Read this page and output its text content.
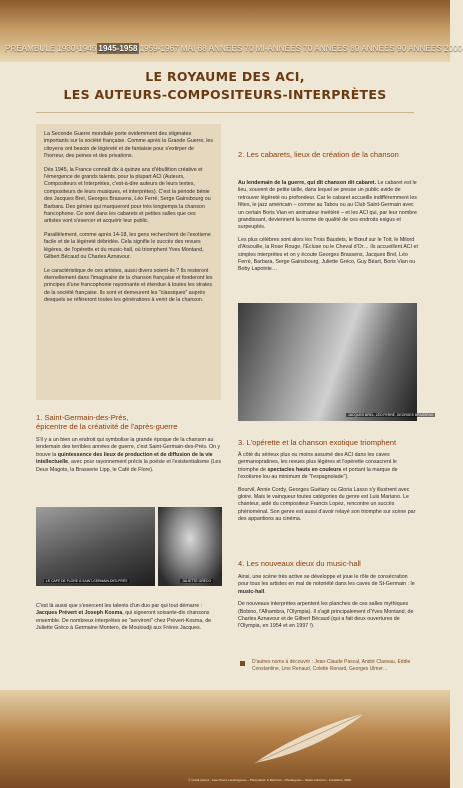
PRÉAMBULE 1930-1945 1945-1958 1959-1967 MAI 68 ANNÉES 70 MI-ANNÉES 70 ANNÉES 80 ANNÉES 90 ANNÉES 2000
LE ROYAUME DES ACI,
LES AUTEURS-COMPOSITEURS-INTERPRÈTES

La Seconde Guerre mondiale porte évidemment des stigmates importants sur la société française. Comme après la Grande Guerre, les citoyens ont besoin de légèreté et de fantaisie pour s'extirper de l'horreur, des peines et des privations.

Dès 1945, la France connaît dix à quinze ans d'ébullition créative et l'émergence de grands talents, pour la plupart ACI (Auteurs, Compositeurs et Interprètes, c'est-à-dire auteurs de leurs textes, compositeurs de leurs musiques, et interprètes). C'est la période bénie des Jacques Brel, Georges Brassens, Léo Ferré, Serge Gainsbourg ou Barbara. Des génies qui marqueront pour très longtemps la chanson francophone. Ce sont dans les cabarets et petites salles que ces artistes vont s'exercer et acquérir leur public.

Parallèlement, comme après 14-18, les gens recherchent de l'exotisme facile et de la légèreté débridée. Cela signifie le succès des revues légères, de l'opérette et du music-hall, où triomphent Yves Montand, Gilbert Bécaud ou Charles Aznavour.

Le caractéristique de ces artistes, aussi divers soient-ils ? Ils resteront éternellement dans l'imaginaire de la chanson française et fonderont les principes d'une francophonie rayonnante et étendue à toutes les strates de la société française. Ils sont et demeurent les "classiques" auprès desquels se réfèreront toutes les générations à venir de la chanson.

1. Saint-Germain-des-Prés,
épicentre de la créativité de l'après-guerre

S'il y a un bien un endroit qui symbolise la grande époque de la chanson au lendemain des terribles années de guerre, c'est Saint-Germain-des-Prés. On y trouve la quintessence des lieux de production et de diffusion de la vie intellectuelle, avec pour rayonnement précis la poésie et l'existentialisme (Les Deux Magots, la Brasserie Lipp, le Café de Flore).

LE CAFÉ DE FLORE À SAINT-GERMAIN-DES-PRÉS	JULIETTE GRÉCO

C'est là aussi que s'exercent les talents d'un duo par qui tout démarre : Jacques Prévert et Joseph Kosma, qui signeront soixante-dix chansons ensemble. De nombreux interprètes se "serviront" chez Prévert-Kosma, de Juliette Gréco à Germaine Montero, de Mouloudji aux Frères Jacques.

2. Les cabarets, lieux de création de la chanson

Au lendemain de la guerre, qui dit chanson dit cabaret. Le cabaret est le lieu, souvent de petite taille, dans lequel se presse un public avide de retrouver légèreté ou profondeur. Car le cabaret accueille indifféremment les fêtes, le jazz américain – comme au Tabou ou au Club Saint-Germain avec un certain Boris Vian en animateur invétéré – et les ACI qui, par leur nombre grandissant, deviennent la norme de qualité de ces endroits exigus et surpeuplés.

Les plus célèbres sont alors les Trois Baudets, le Bœuf sur le Toit, le Milord d'Arsouille, la Rose Rouge, l'Écluse ou le Cheval d'Or… Ils accueillent ACI et simples interprètes et on y écoute Georges Brassens, Jacques Brel, Léo Ferré, Barbara, Serge Gainsbourg, Juliette Gréco, Guy Béart, Boris Vian ou Boby Lapointe…

JACQUES BREL, LÉO FERRÉ, GEORGES BRASSENS
3. L'opérette et la chanson exotique triomphent

À côté du sérieux plus ou moins assumé des ACI dans les caves germanopratines, les revues plus légères et l'opérette consacrent le triomphe de spectacles hauts en couleurs et portant la marque de l'exotisme lou au minimum de "l'espagnolade").

Bourvil, Annie Cordy, Georges Guétary ou Gloria Lasso s'y illustrent avec gloire. Mais le vainqueur toutes catégories du genre est Luis Mariano. Le chanteur, aidé du compositeur Francis Lopez, rencontre un succès phénoménal. Son genre est aussi d'avoir relayé son triomphe sur scène par des apparitions au cinéma.

4. Les nouveaux dieux du music-hall

Ainsi, une scène très active se développe et joue le rôle de consécration pour tous les artistes en mal de notoriété dans les caves de St-Germain : le music-hall.

De nouveaux interprètes arpentent les planches de ces salles mythiques (Bobino, l'Alhambra, l'Olympia). Il s'agit principalement d'Yves Montand, de Charles Aznavour et de Gilbert Bécaud (qui a fait deux ouvertures de l'Olympia, en 1954 et en 1997 !).

D'autres noms à découvrir : Jean-Claude Pascal, André Claveau, Eddie Constantine, Line Renaud, Colette Renard, Georges Ulmer…
© Crédit photos : Jean-Pierre Leloir/Agence – Photo illustr. & Bertrand – Phédèrgrass – Studio Harcourt – Fondation, 2008.
